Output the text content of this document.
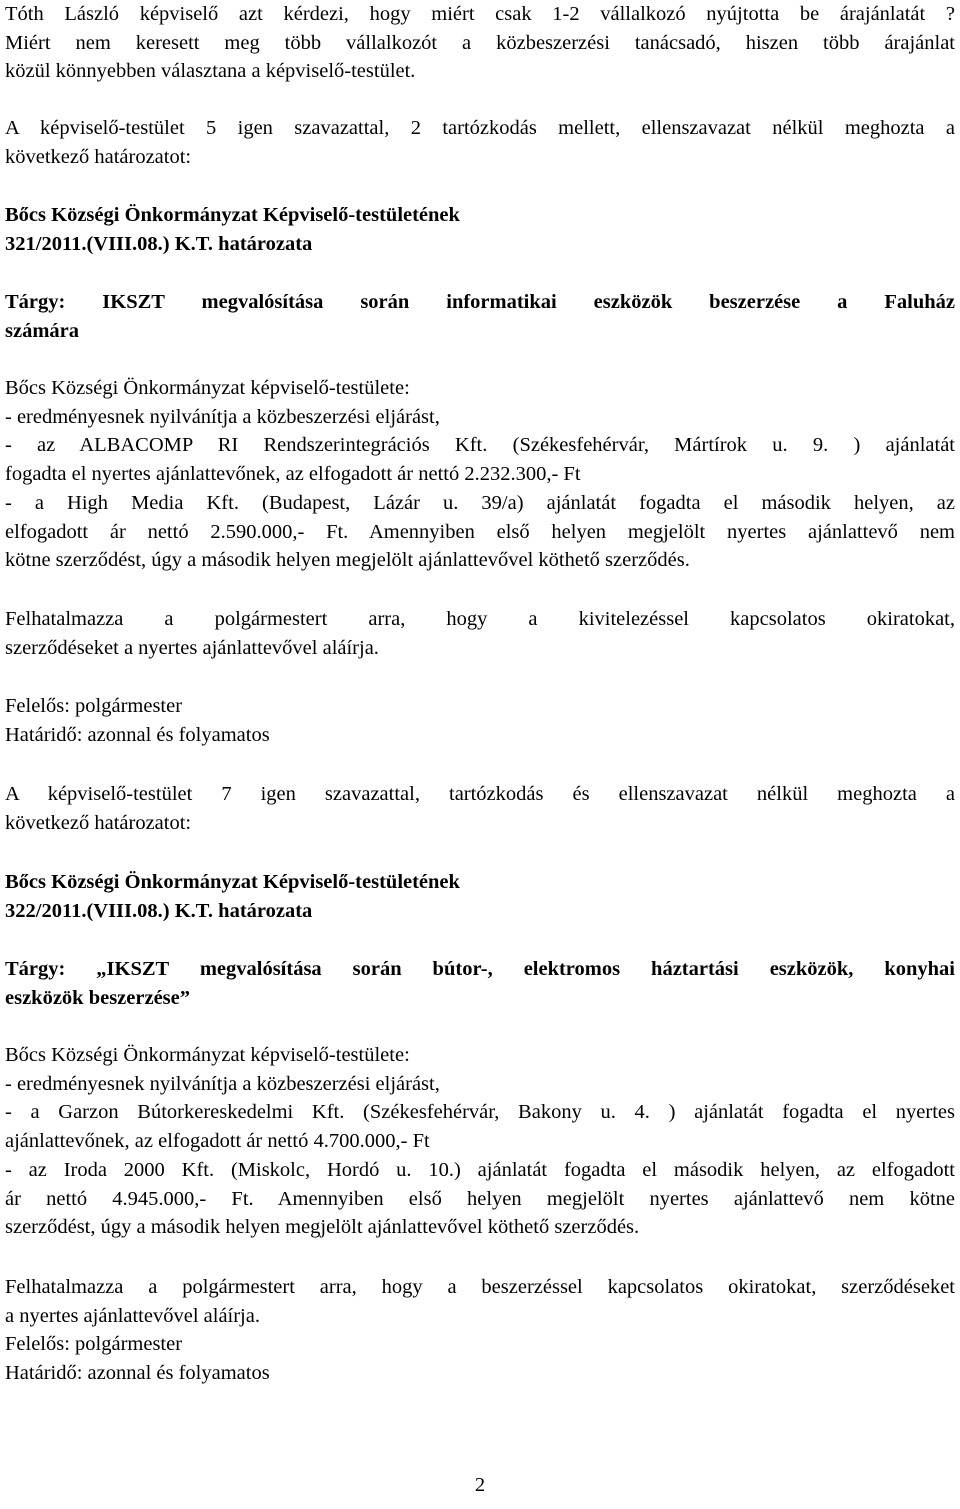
Tóth László képviselő azt kérdezi, hogy miért csak 1-2 vállalkozó nyújtotta be árajánlatát ?
Miért nem keresett meg több vállalkozót a közbeszerzési tanácsadó, hiszen több árajánlat
közül könnyebben választana a képviselő-testület.
A képviselő-testület 5 igen szavazattal, 2 tartózkodás mellett, ellenszavazat nélkül meghozta a
következő határozatot:
Bőcs Községi Önkormányzat Képviselő-testületének
321/2011.(VIII.08.) K.T. határozata
Tárgy: IKSZT megvalósítása során informatikai eszközök beszerzése a Faluház
számára
Bőcs Községi Önkormányzat képviselő-testülete:
- eredményesnek nyilvánítja a közbeszerzési eljárást,
- az ALBACOMP RI Rendszerintegrációs Kft. (Székesfehérvár, Mártírok u. 9. ) ajánlatát
fogadta el nyertes ajánlattevőnek, az elfogadott ár nettó 2.232.300,- Ft
- a High Media Kft. (Budapest, Lázár u. 39/a) ajánlatát fogadta el második helyen, az
elfogadott ár nettó 2.590.000,- Ft. Amennyiben első helyen megjelölt nyertes ajánlattevő nem
kötne szerződést, úgy a második helyen megjelölt ajánlattevővel köthető szerződés.
Felhatalmazza a polgármestert arra, hogy a kivitelezéssel kapcsolatos okiratokat,
szerződéseket a nyertes ajánlattevővel aláírja.
Felelős: polgármester
Határidő: azonnal és folyamatos
A képviselő-testület 7 igen szavazattal, tartózkodás és ellenszavazat nélkül meghozta a
következő határozatot:
Bőcs Községi Önkormányzat Képviselő-testületének
322/2011.(VIII.08.) K.T. határozata
Tárgy: „IKSZT megvalósítása során bútor-, elektromos háztartási eszközök, konyhai
eszközök beszerzése”
Bőcs Községi Önkormányzat képviselő-testülete:
- eredményesnek nyilvánítja a közbeszerzési eljárást,
- a Garzon Bútorkereskedelmi Kft. (Székesfehérvár, Bakony u. 4. ) ajánlatát fogadta el nyertes
ajánlattevőnek, az elfogadott ár nettó 4.700.000,- Ft
- az Iroda 2000 Kft. (Miskolc, Hordó u. 10.) ajánlatát fogadta el második helyen, az elfogadott
ár nettó 4.945.000,- Ft. Amennyiben első helyen megjelölt nyertes ajánlattevő nem kötne
szerződést, úgy a második helyen megjelölt ajánlattevővel köthető szerződés.
Felhatalmazza a polgármestert arra, hogy a beszerzéssel kapcsolatos okiratokat, szerződéseket
a nyertes ajánlattevővel aláírja.
Felelős: polgármester
Határidő: azonnal és folyamatos
2
